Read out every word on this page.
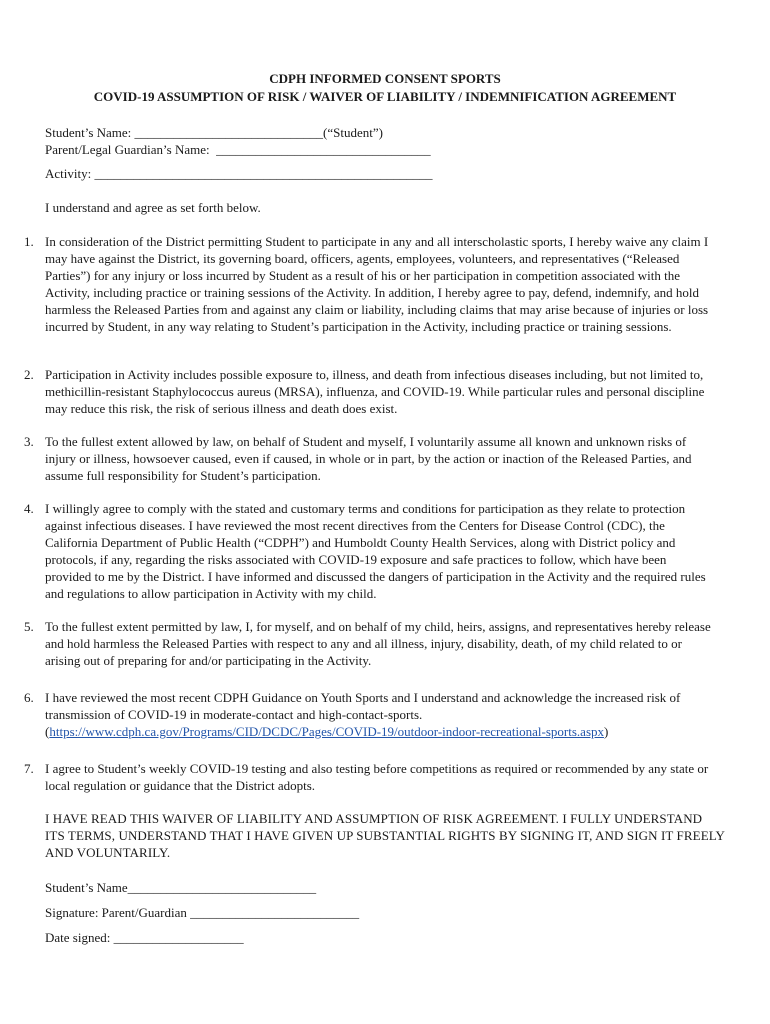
CDPH INFORMED CONSENT SPORTS
COVID-19 ASSUMPTION OF RISK / WAIVER OF LIABILITY / INDEMNIFICATION AGREEMENT
Student’s Name: _____________________________(“Student”)
Parent/Legal Guardian’s Name:  _________________________________
Activity: ____________________________________________________
I understand and agree as set forth below.
1. In consideration of the District permitting Student to participate in any and all interscholastic sports, I hereby waive any claim I may have against the District, its governing board, officers, agents, employees, volunteers, and representatives (“Released Parties”) for any injury or loss incurred by Student as a result of his or her participation in competition associated with the Activity, including practice or training sessions of the Activity. In addition, I hereby agree to pay, defend, indemnify, and hold harmless the Released Parties from and against any claim or liability, including claims that may arise because of injuries or loss incurred by Student, in any way relating to Student’s participation in the Activity, including practice or training sessions.
2. Participation in Activity includes possible exposure to, illness, and death from infectious diseases including, but not limited to, methicillin-resistant Staphylococcus aureus (MRSA), influenza, and COVID-19. While particular rules and personal discipline may reduce this risk, the risk of serious illness and death does exist.
3. To the fullest extent allowed by law, on behalf of Student and myself, I voluntarily assume all known and unknown risks of injury or illness, howsoever caused, even if caused, in whole or in part, by the action or inaction of the Released Parties, and assume full responsibility for Student’s participation.
4. I willingly agree to comply with the stated and customary terms and conditions for participation as they relate to protection against infectious diseases. I have reviewed the most recent directives from the Centers for Disease Control (CDC), the California Department of Public Health (“CDPH”) and Humboldt County Health Services, along with District policy and protocols, if any, regarding the risks associated with COVID-19 exposure and safe practices to follow, which have been provided to me by the District. I have informed and discussed the dangers of participation in the Activity and the required rules and regulations to allow participation in Activity with my child.
5. To the fullest extent permitted by law, I, for myself, and on behalf of my child, heirs, assigns, and representatives hereby release and hold harmless the Released Parties with respect to any and all illness, injury, disability, death, of my child related to or arising out of preparing for and/or participating in the Activity.
6. I have reviewed the most recent CDPH Guidance on Youth Sports and I understand and acknowledge the increased risk of transmission of COVID-19 in moderate-contact and high-contact-sports.
(https://www.cdph.ca.gov/Programs/CID/DCDC/Pages/COVID-19/outdoor-indoor-recreational-sports.aspx)
7. I agree to Student’s weekly COVID-19 testing and also testing before competitions as required or recommended by any state or local regulation or guidance that the District adopts.
I HAVE READ THIS WAIVER OF LIABILITY AND ASSUMPTION OF RISK AGREEMENT. I FULLY UNDERSTAND ITS TERMS, UNDERSTAND THAT I HAVE GIVEN UP SUBSTANTIAL RIGHTS BY SIGNING IT, AND SIGN IT FREELY AND VOLUNTARILY.
Student’s Name_____________________________
Signature: Parent/Guardian __________________________
Date signed: ____________________
